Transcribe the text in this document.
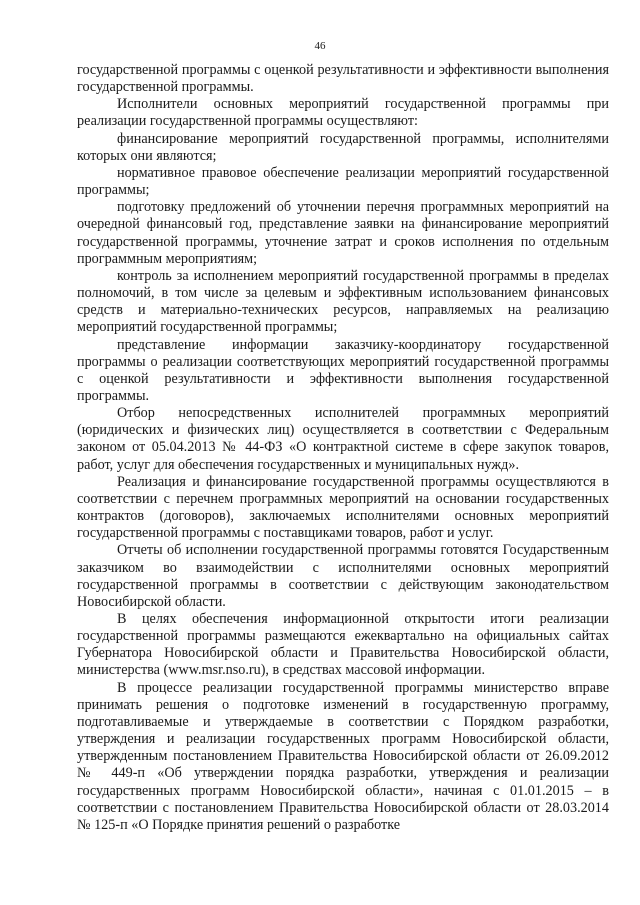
46

государственной программы с оценкой результативности и эффективности выполнения государственной программы.

Исполнители основных мероприятий государственной программы при реализации государственной программы осуществляют:

финансирование мероприятий государственной программы, исполнителями которых они являются;

нормативное правовое обеспечение реализации мероприятий государственной программы;

подготовку предложений об уточнении перечня программных мероприятий на очередной финансовый год, представление заявки на финансирование мероприятий государственной программы, уточнение затрат и сроков исполнения по отдельным программным мероприятиям;

контроль за исполнением мероприятий государственной программы в пределах полномочий, в том числе за целевым и эффективным использованием финансовых средств и материально-технических ресурсов, направляемых на реализацию мероприятий государственной программы;

представление информации заказчику-координатору государственной программы о реализации соответствующих мероприятий государственной программы с оценкой результативности и эффективности выполнения государственной программы.

Отбор непосредственных исполнителей программных мероприятий (юридических и физических лиц) осуществляется в соответствии с Федеральным законом от 05.04.2013 № 44-ФЗ «О контрактной системе в сфере закупок товаров, работ, услуг для обеспечения государственных и муниципальных нужд».

Реализация и финансирование государственной программы осуществляются в соответствии с перечнем программных мероприятий на основании государственных контрактов (договоров), заключаемых исполнителями основных мероприятий государственной программы с поставщиками товаров, работ и услуг.

Отчеты об исполнении государственной программы готовятся Государственным заказчиком во взаимодействии с исполнителями основных мероприятий государственной программы в соответствии с действующим законодательством Новосибирской области.

В целях обеспечения информационной открытости итоги реализации государственной программы размещаются ежеквартально на официальных сайтах Губернатора Новосибирской области и Правительства Новосибирской области, министерства (www.msr.nso.ru), в средствах массовой информации.

В процессе реализации государственной программы министерство вправе принимать решения о подготовке изменений в государственную программу, подготавливаемые и утверждаемые в соответствии с Порядком разработки, утверждения и реализации государственных программ Новосибирской области, утвержденным постановлением Правительства Новосибирской области от 26.09.2012 № 449-п «Об утверждении порядка разработки, утверждения и реализации государственных программ Новосибирской области», начиная с 01.01.2015 – в соответствии с постановлением Правительства Новосибирской области от 28.03.2014 № 125-п «О Порядке принятия решений о разработке
